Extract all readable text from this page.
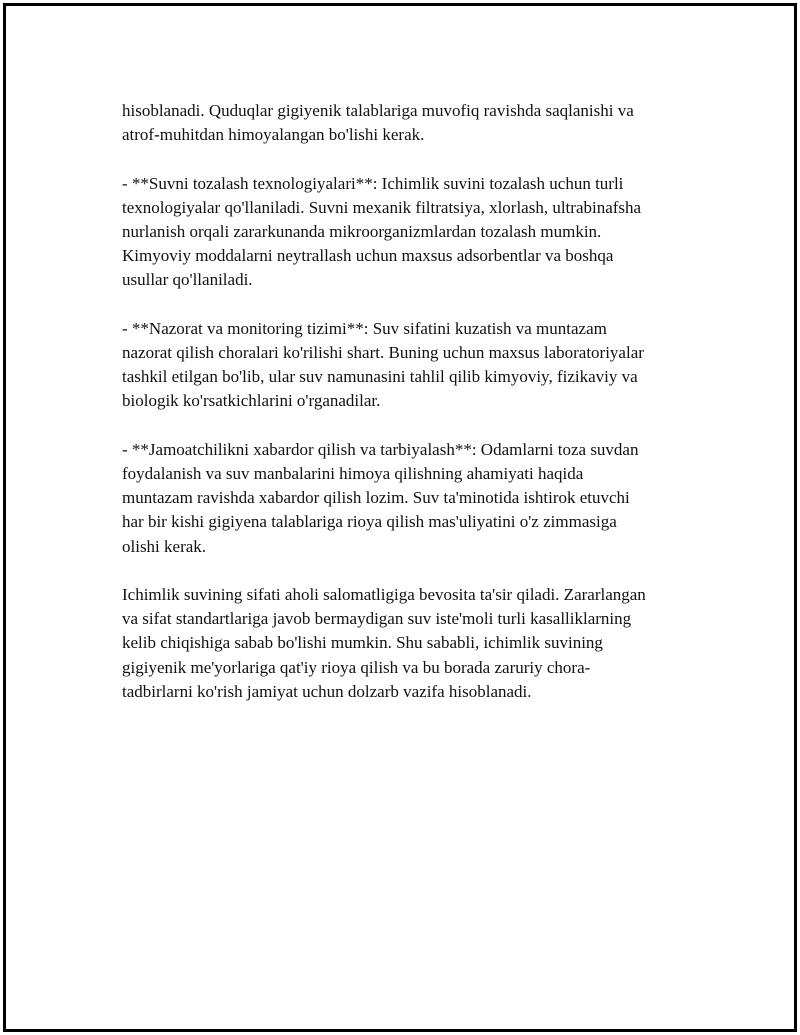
hisoblanadi. Quduqlar gigiyenik talablariga muvofiq ravishda saqlanishi va
atrof-muhitdan himoyalangan bo'lishi kerak.

- **Suvni tozalash texnologiyalari**: Ichimlik suvini tozalash uchun turli
texnologiyalar qo'llaniladi. Suvni mexanik filtratsiya, xlorlash, ultrabinafsha
nurlanish orqali zararkunanda mikroorganizmlardan tozalash mumkin.
Kimyoviy moddalarni neytrallash uchun maxsus adsorbentlar va boshqa
usullar qo'llaniladi.

- **Nazorat va monitoring tizimi**: Suv sifatini kuzatish va muntazam
nazorat qilish choralari ko'rilishi shart. Buning uchun maxsus laboratoriyalar
tashkil etilgan bo'lib, ular suv namunasini tahlil qilib kimyoviy, fizikaviy va
biologik ko'rsatkichlarini o'rganadilar.

- **Jamoatchilikni xabardor qilish va tarbiyalash**: Odamlarni toza suvdan
foydalanish va suv manbalarini himoya qilishning ahamiyati haqida
muntazam ravishda xabardor qilish lozim. Suv ta'minotida ishtirok etuvchi
har bir kishi gigiyena talablariga rioya qilish mas'uliyatini o'z zimmasiga
olishi kerak.

Ichimlik suvining sifati aholi salomatligiga bevosita ta'sir qiladi. Zararlangan
va sifat standartlariga javob bermaydigan suv iste'moli turli kasalliklarning
kelib chiqishiga sabab bo'lishi mumkin. Shu sababli, ichimlik suvining
gigiyenik me'yorlariga qat'iy rioya qilish va bu borada zaruriy chora-
tadbirlarni ko'rish jamiyat uchun dolzarb vazifa hisoblanadi.
